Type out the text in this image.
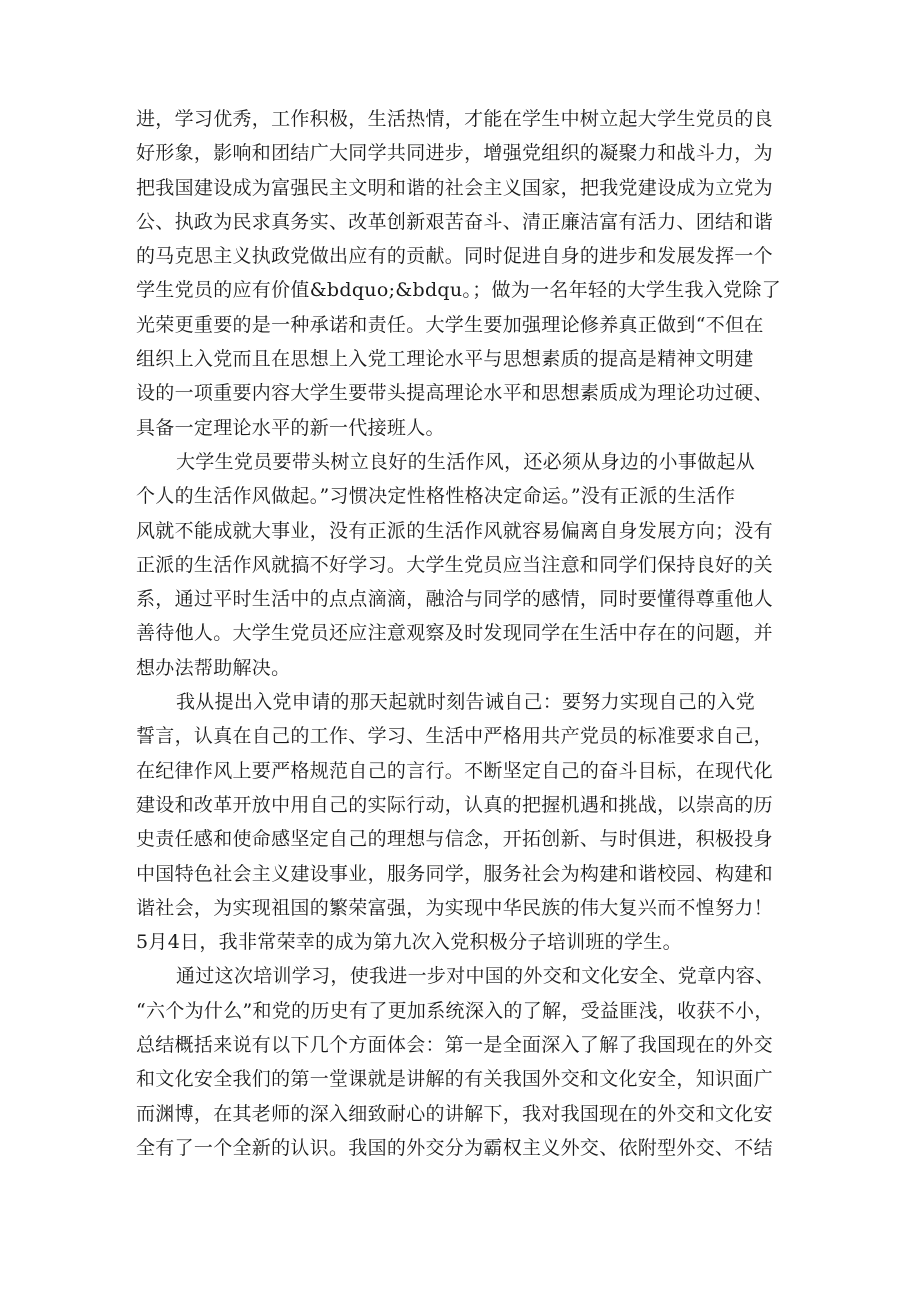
进，学习优秀，工作积极，生活热情，才能在学生中树立起大学生党员的良
好形象，影响和团结广大同学共同进步，增强党组织的凝聚力和战斗力，为
把我国建设成为富强民主文明和谐的社会主义国家，把我党建设成为立党为
公、执政为民求真务实、改革创新艰苦奋斗、清正廉洁富有活力、团结和谐
的马克思主义执政党做出应有的贡献。同时促进自身的进步和发展发挥一个
学生党员的应有价值&bdquo;&bdqu。；做为一名年轻的大学生我入党除了
光荣更重要的是一种承诺和责任。大学生要加强理论修养真正做到“不但在
组织上入党而且在思想上入党工理论水平与思想素质的提高是精神文明建
设的一项重要内容大学生要带头提高理论水平和思想素质成为理论功过硬、
具备一定理论水平的新一代接班人。
大学生党员要带头树立良好的生活作风，还必须从身边的小事做起从
个人的生活作风做起。”习惯决定性格性格决定命运。”没有正派的生活作
风就不能成就大事业，没有正派的生活作风就容易偏离自身发展方向；没有
正派的生活作风就搞不好学习。大学生党员应当注意和同学们保持良好的关
系，通过平时生活中的点点滴滴，融洽与同学的感情，同时要懂得尊重他人
善待他人。大学生党员还应注意观察及时发现同学在生活中存在的问题，并
想办法帮助解决。
我从提出入党申请的那天起就时刻告诫自己：要努力实现自己的入党
誓言，认真在自己的工作、学习、生活中严格用共产党员的标准要求自己，
在纪律作风上要严格规范自己的言行。不断坚定自己的奋斗目标，在现代化
建设和改革开放中用自己的实际行动，认真的把握机遇和挑战，以崇高的历
史责任感和使命感坚定自己的理想与信念，开拓创新、与时俱进，积极投身
中国特色社会主义建设事业，服务同学，服务社会为构建和谐校园、构建和
谐社会，为实现祖国的繁荣富强，为实现中华民族的伟大复兴而不惶努力！
5月4日，我非常荣幸的成为第九次入党积极分子培训班的学生。
通过这次培训学习，使我进一步对中国的外交和文化安全、党章内容、
“六个为什么”和党的历史有了更加系统深入的了解，受益匪浅，收获不小，
总结概括来说有以下几个方面体会：第一是全面深入了解了我国现在的外交
和文化安全我们的第一堂课就是讲解的有关我国外交和文化安全，知识面广
而渊博，在其老师的深入细致耐心的讲解下，我对我国现在的外交和文化安
全有了一个全新的认识。我国的外交分为霸权主义外交、依附型外交、不结
